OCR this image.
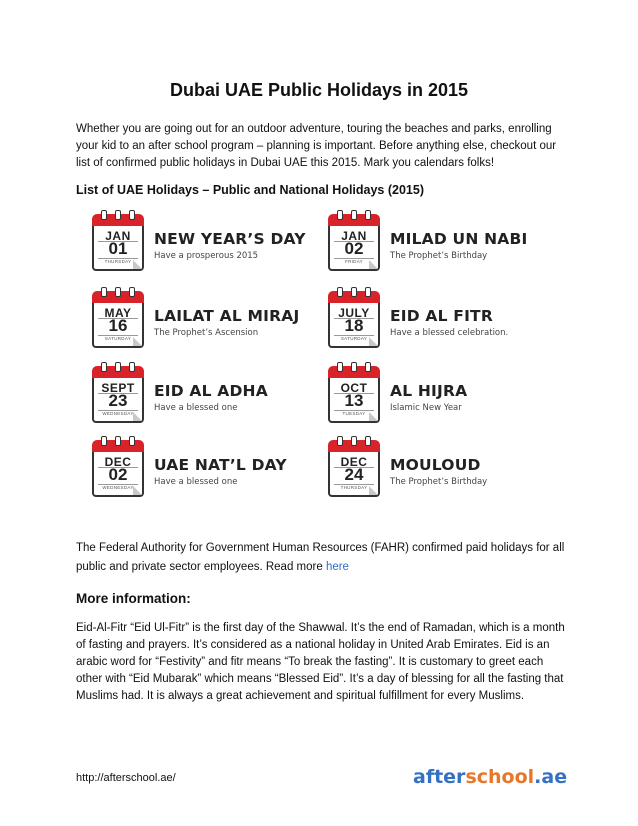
Dubai UAE Public Holidays in 2015

Whether you are going out for an outdoor adventure, touring the beaches and parks, enrolling your kid to an after school program – planning is important. Before anything else, checkout our list of confirmed public holidays in Dubai UAE this 2015. Mark you calendars folks!

List of UAE Holidays – Public and National Holidays (2015)
JAN
01
THURSDAY
NEW YEAR’S DAY
Have a prosperous 2015
JAN
02
FRIDAY
MILAD UN NABI
The Prophet’s Birthday
MAY
16
SATURDAY
LAILAT AL MIRAJ
The Prophet’s Ascension
JULY
18
SATURDAY
EID AL FITR
Have a blessed celebration.
SEPT
23
WEDNESDAY
EID AL ADHA
Have a blessed one
OCT
13
TUESDAY
AL HIJRA
Islamic New Year
DEC
02
WEDNESDAY
UAE NAT’L DAY
Have a blessed one
DEC
24
THURSDAY
MOULOUD
The Prophet’s Birthday

The Federal Authority for Government Human Resources (FAHR) confirmed paid holidays for all public and private sector employees. Read more here

More information:

Eid-Al-Fitr “Eid Ul-Fitr” is the first day of the Shawwal. It’s the end of Ramadan, which is a month of fasting and prayers. It’s considered as a national holiday in United Arab Emirates. Eid is an arabic word for “Festivity” and fitr means “To break the fasting”. It is customary to greet each other with “Eid Mubarak” which means “Blessed Eid”. It’s a day of blessing for all the fasting that Muslims had. It is always a great achievement and spiritual fulfillment for every Muslims.

http://afterschool.ae/	afterschool.ae
